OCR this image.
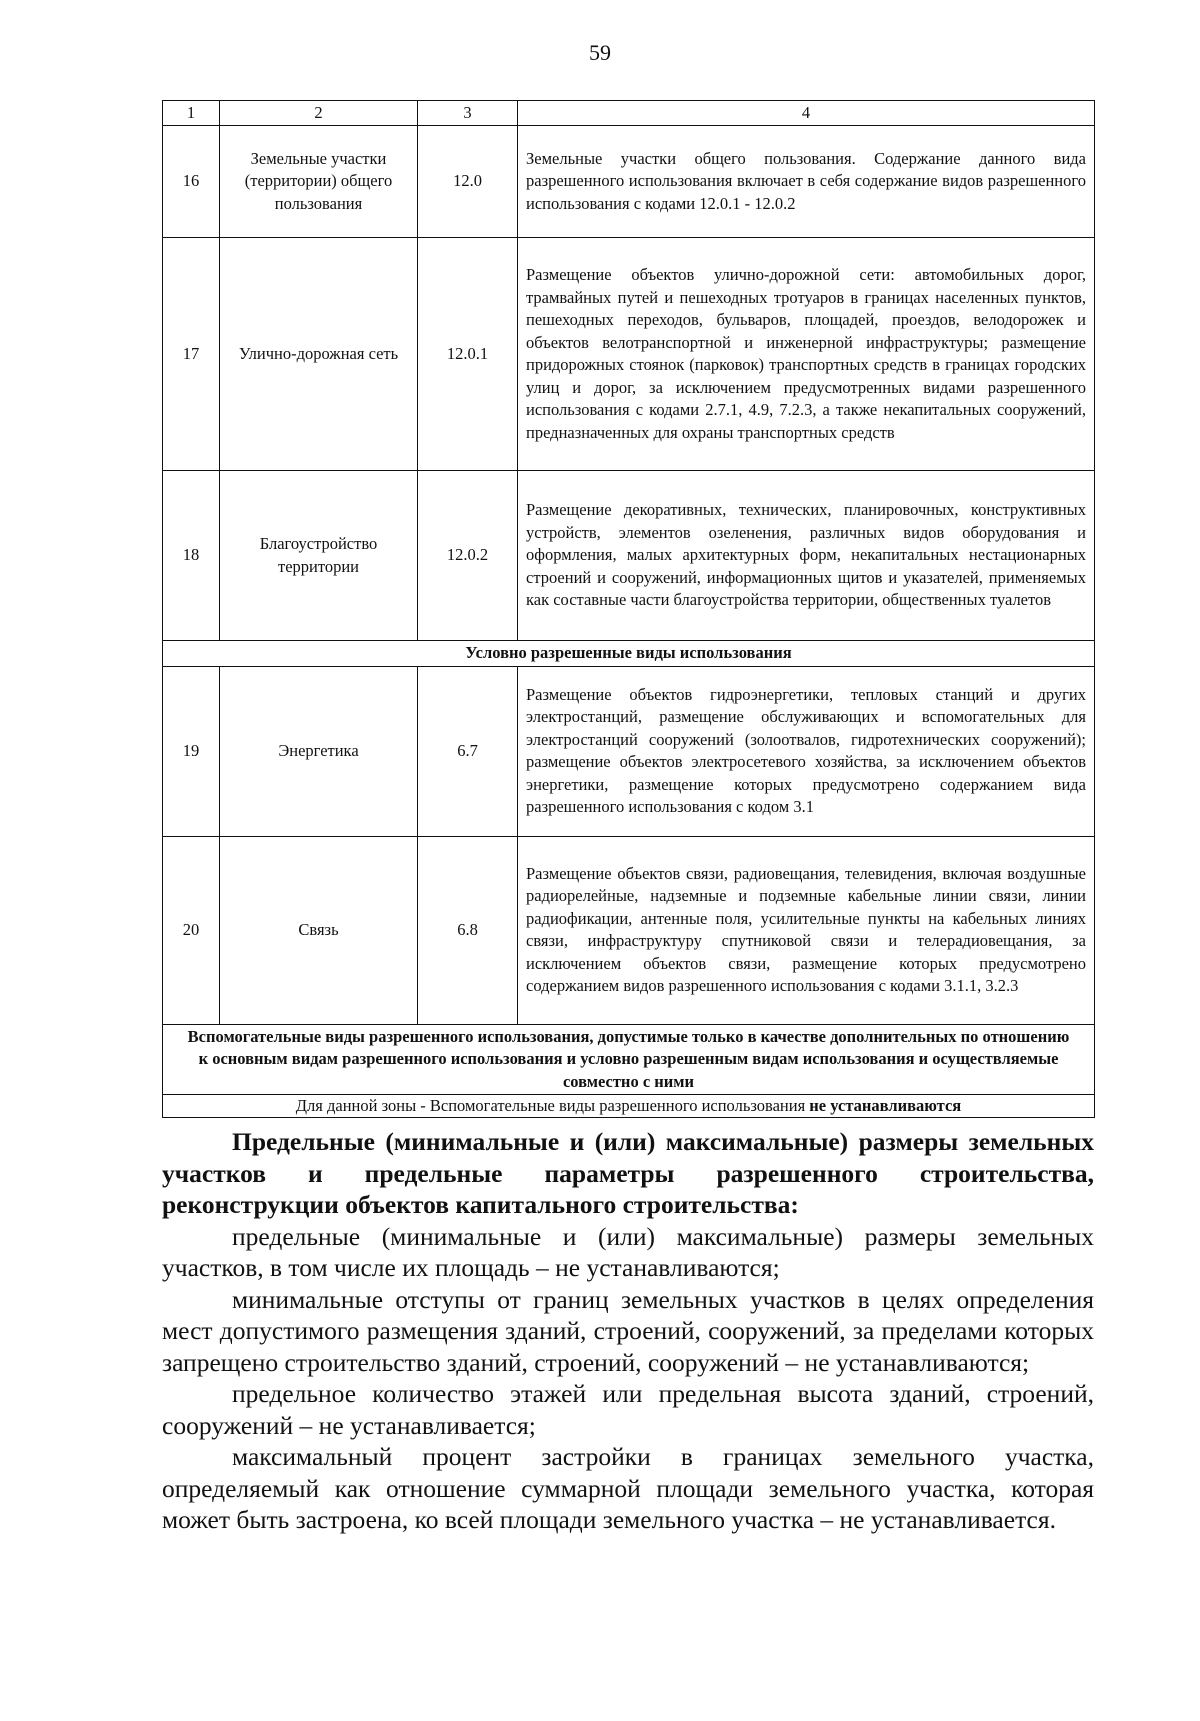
59
1	2	3	4
16	Земельные участки (территории) общего пользования	12.0	Земельные участки общего пользования. Содержание данного вида разрешенного использования включает в себя содержание видов разрешенного использования с кодами 12.0.1 - 12.0.2
17	Улично-дорожная сеть	12.0.1	Размещение объектов улично-дорожной сети: автомобильных дорог, трамвайных путей и пешеходных тротуаров в границах населенных пунктов, пешеходных переходов, бульваров, площадей, проездов, велодорожек и объектов велотранспортной и инженерной инфраструктуры; размещение придорожных стоянок (парковок) транспортных средств в границах городских улиц и дорог, за исключением предусмотренных видами разрешенного использования с кодами 2.7.1, 4.9, 7.2.3, а также некапитальных сооружений, предназначенных для охраны транспортных средств
18	Благоустройство территории	12.0.2	Размещение декоративных, технических, планировочных, конструктивных устройств, элементов озеленения, различных видов оборудования и оформления, малых архитектурных форм, некапитальных нестационарных строений и сооружений, информационных щитов и указателей, применяемых как составные части благоустройства территории, общественных туалетов
Условно разрешенные виды использования			
19	Энергетика	6.7	Размещение объектов гидроэнергетики, тепловых станций и других электростанций, размещение обслуживающих и вспомогательных для электростанций сооружений (золоотвалов, гидротехнических сооружений); размещение объектов электросетевого хозяйства, за исключением объектов энергетики, размещение которых предусмотрено содержанием вида разрешенного использования с кодом 3.1
20	Связь	6.8	Размещение объектов связи, радиовещания, телевидения, включая воздушные радиорелейные, надземные и подземные кабельные линии связи, линии радиофикации, антенные поля, усилительные пункты на кабельных линиях связи, инфраструктуру спутниковой связи и телерадиовещания, за исключением объектов связи, размещение которых предусмотрено содержанием видов разрешенного использования с кодами 3.1.1, 3.2.3
Вспомогательные виды разрешенного использования, допустимые только в качестве дополнительных по отношению к основным видам разрешенного использования и условно разрешенным видам использования и осуществляемые совместно с ними			
Для данной зоны - Вспомогательные виды разрешенного использования не устанавливаются			

Предельные (минимальные и (или) максимальные) размеры земельных участков и предельные параметры разрешенного строительства, реконструкции объектов капитального строительства:

предельные (минимальные и (или) максимальные) размеры земельных участков, в том числе их площадь – не устанавливаются;

минимальные отступы от границ земельных участков в целях определения мест допустимого размещения зданий, строений, сооружений, за пределами которых запрещено строительство зданий, строений, сооружений – не устанавливаются;

предельное количество этажей или предельная высота зданий, строений, сооружений – не устанавливается;

максимальный процент застройки в границах земельного участка, определяемый как отношение суммарной площади земельного участка, которая может быть застроена, ко всей площади земельного участка – не устанавливается.
